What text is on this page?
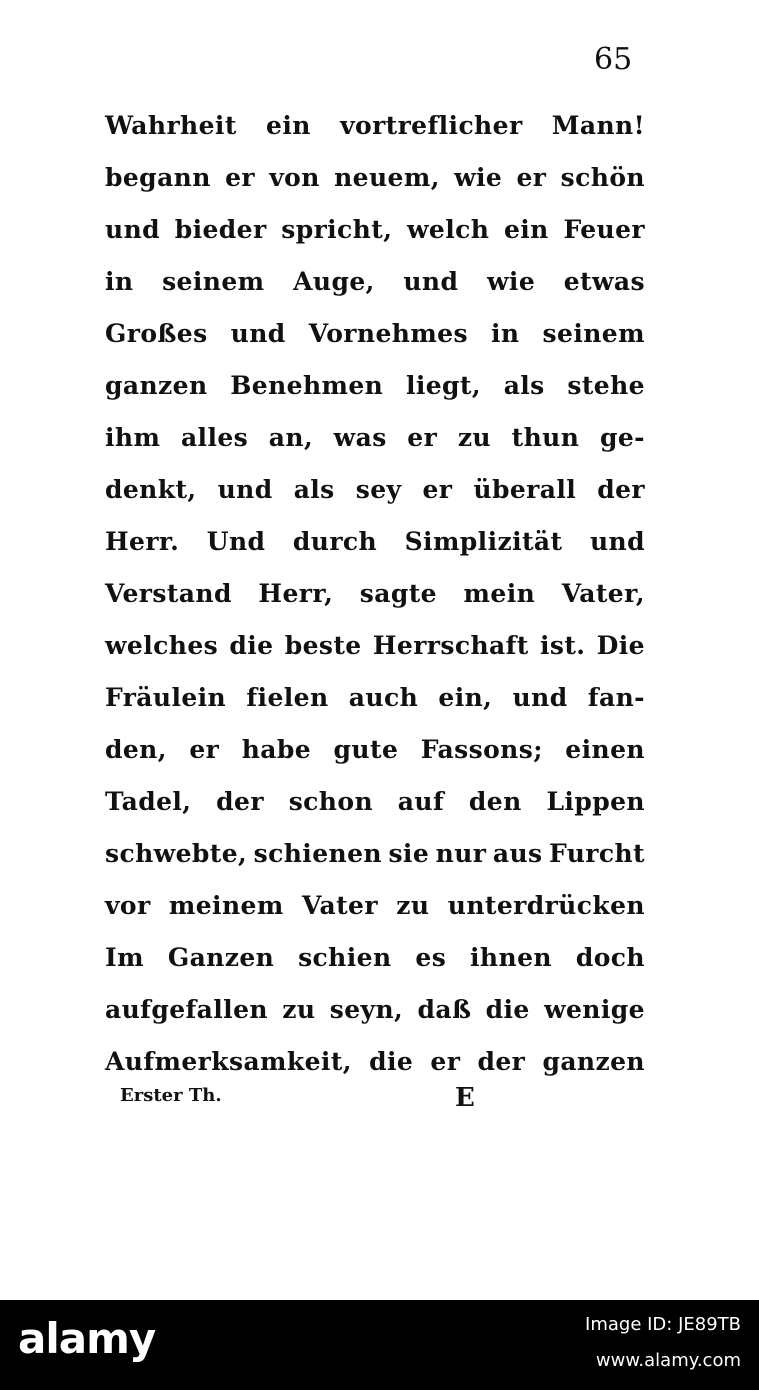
65
Wahrheit ein vortreflicher Mann!
begann er von neuem, wie er schön
und bieder spricht, welch ein Feuer
in seinem Auge, und wie etwas
Großes und Vornehmes in seinem
ganzen Benehmen liegt, als stehe
ihm alles an, was er zu thun ge-
denkt, und als sey er überall der
Herr. Und durch Simplizität und
Verstand Herr, sagte mein Vater,
welches die beste Herrschaft ist. Die
Fräulein fielen auch ein, und fan-
den, er habe gute Fassons; einen
Tadel, der schon auf den Lippen
schwebte, schienen sie nur aus Furcht
vor meinem Vater zu unterdrücken
Im Ganzen schien es ihnen doch
aufgefallen zu seyn, daß die wenige
Aufmerksamkeit, die er der ganzen
Erster Th.	E
alamy	Image ID: JE89TB
www.alamy.com
